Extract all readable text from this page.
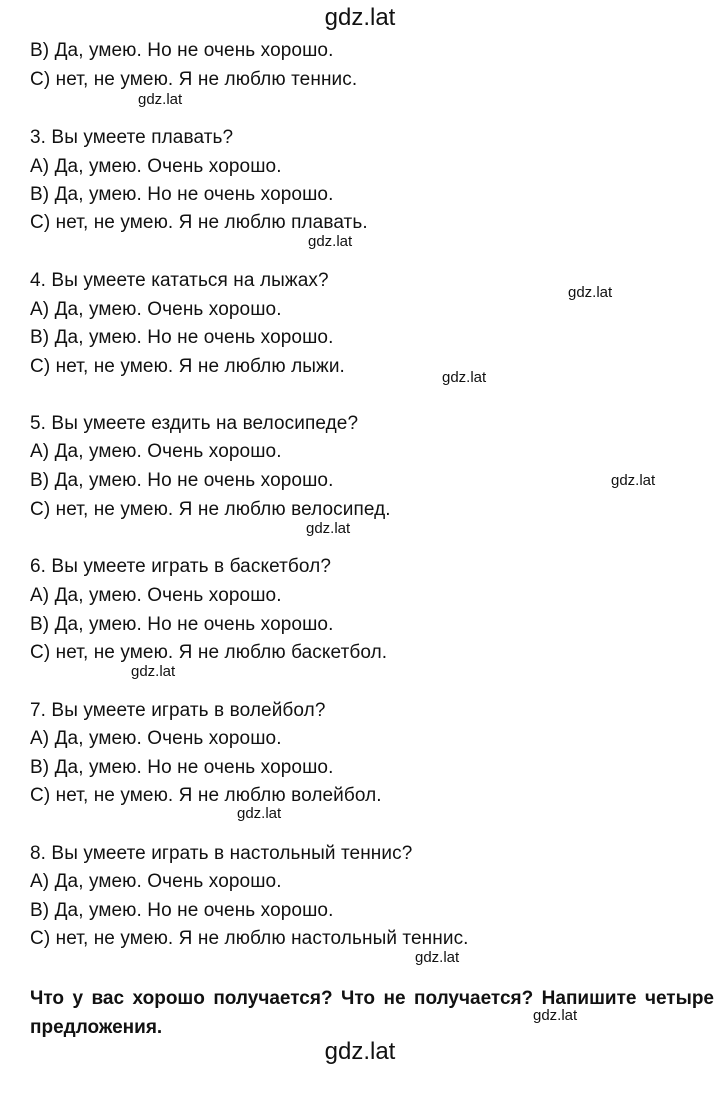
gdz.lat
B) Да, умею. Но не очень хорошо.
C) нет, не умею. Я не люблю теннис.
gdz.lat
3. Вы умеете плавать?
A) Да, умею. Очень хорошо.
B) Да, умею. Но не очень хорошо.
C) нет, не умею. Я не люблю плавать.
gdz.lat
4. Вы умеете кататься на лыжах?
gdz.lat
A) Да, умею. Очень хорошо.
B) Да, умею. Но не очень хорошо.
C) нет, не умею. Я не люблю лыжи.
gdz.lat
5. Вы умеете ездить на велосипеде?
A) Да, умею. Очень хорошо.
B) Да, умею. Но не очень хорошо.	gdz.lat
C) нет, не умею. Я не люблю велосипед.
gdz.lat
6. Вы умеете играть в баскетбол?
A) Да, умею. Очень хорошо.
B) Да, умею. Но не очень хорошо.
C) нет, не умею. Я не люблю баскетбол.
gdz.lat
7. Вы умеете играть в волейбол?
A) Да, умею. Очень хорошо.
B) Да, умею. Но не очень хорошо.
C) нет, не умею. Я не люблю волейбол.
gdz.lat
8. Вы умеете играть в настольный теннис?
A) Да, умею. Очень хорошо.
B) Да, умею. Но не очень хорошо.
C) нет, не умею. Я не люблю настольный теннис.
gdz.lat
Что у вас хорошо получается? Что не получается? Напишите четыре предложения.
gdz.lat
gdz.lat
